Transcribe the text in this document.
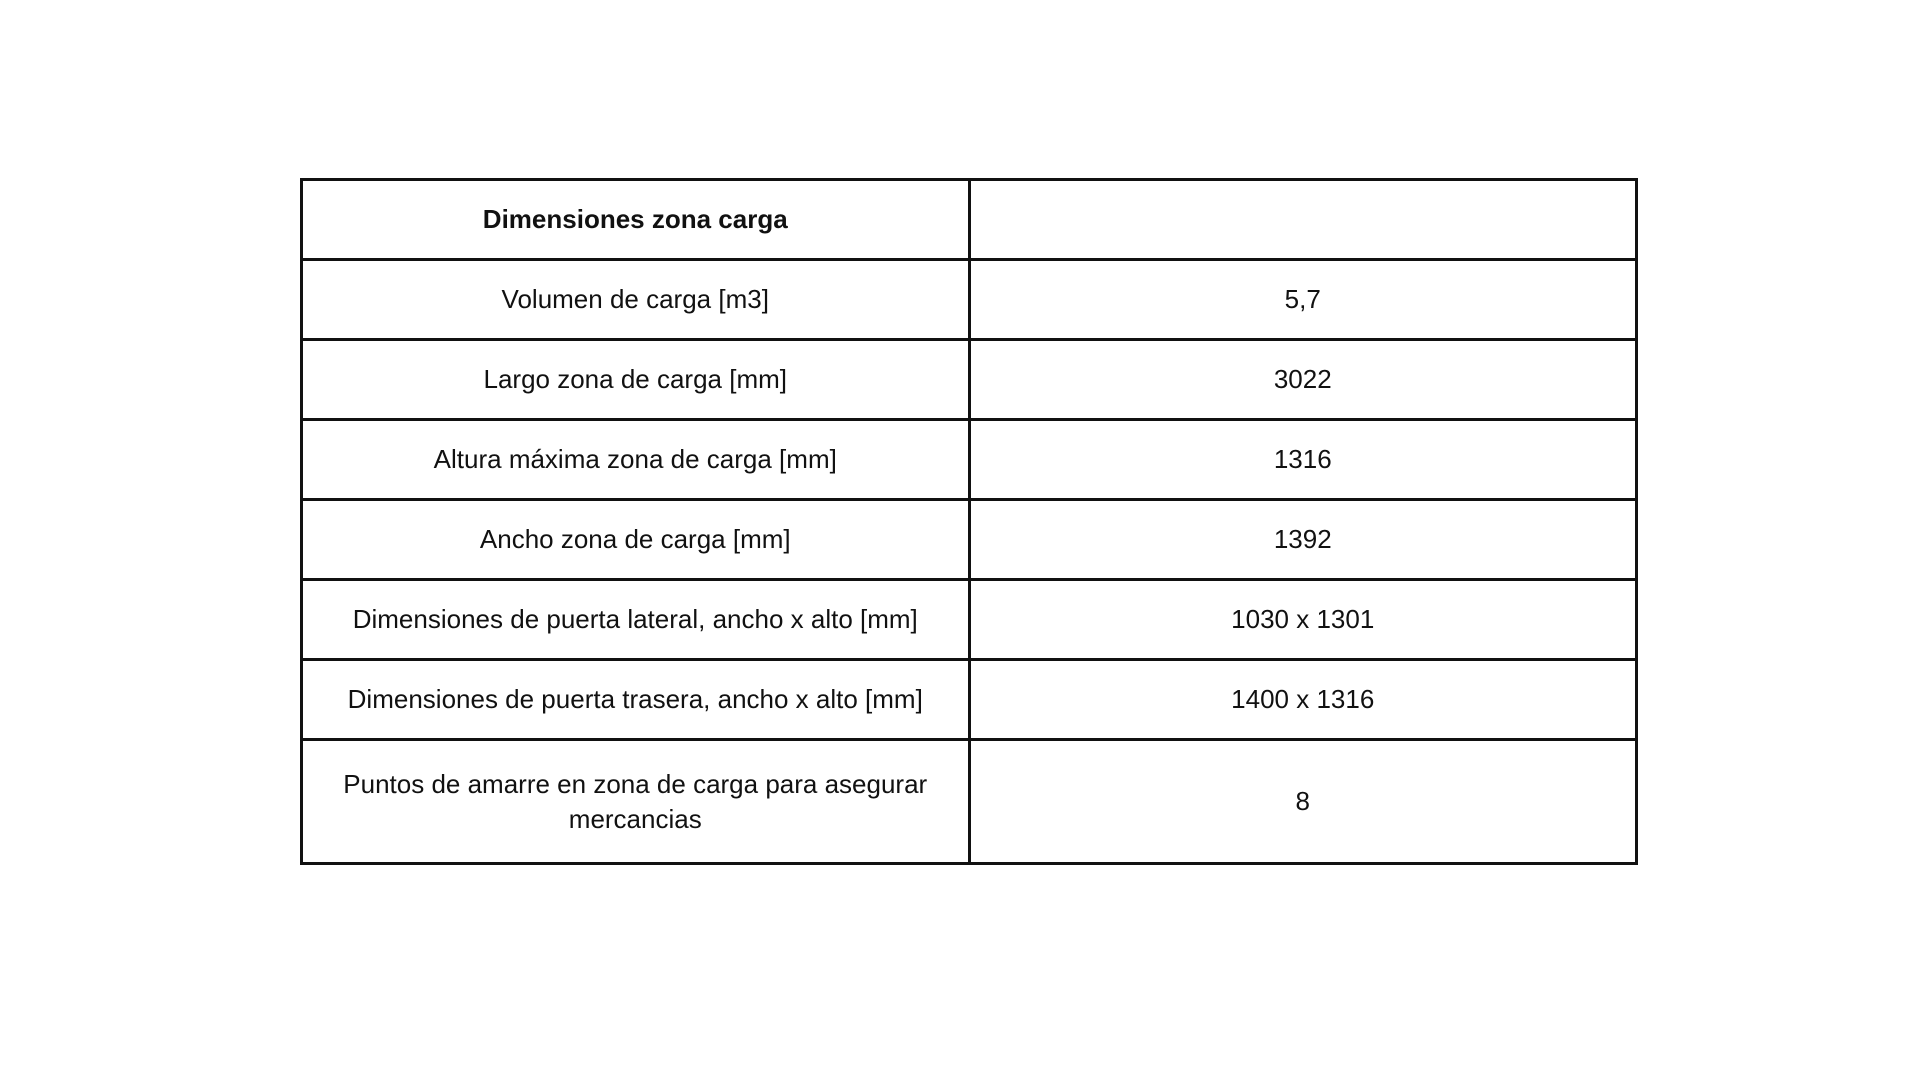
Dimensiones zona carga	
Volumen de carga [m3]	5,7
Largo zona de carga [mm]	3022
Altura máxima zona de carga [mm]	1316
Ancho zona de carga [mm]	1392
Dimensiones de puerta lateral, ancho x alto [mm]	1030 x 1301
Dimensiones de puerta trasera, ancho x alto [mm]	1400 x 1316
Puntos de amarre en zona de carga para asegurar mercancias	8
